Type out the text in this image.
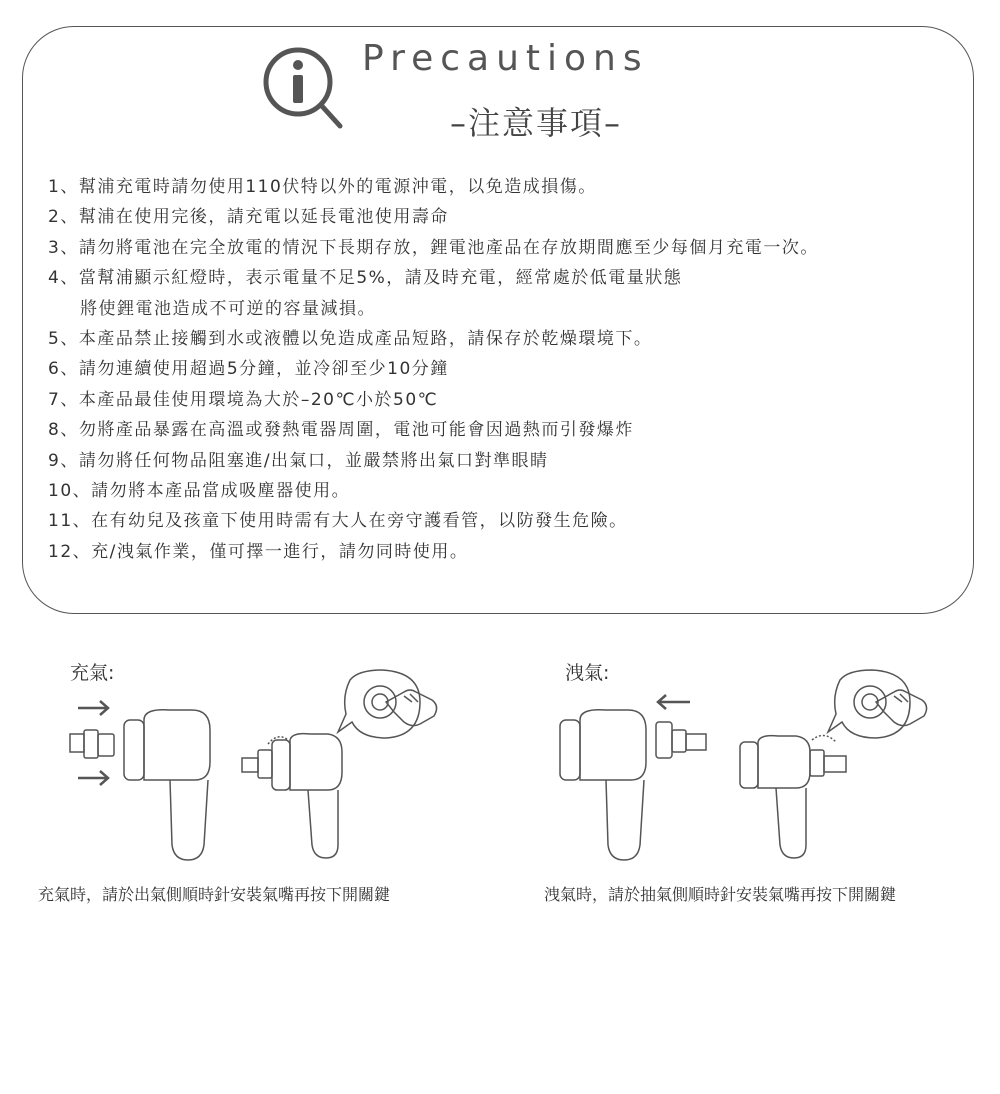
Precautions
–注意事項–
1、幫浦充電時請勿使用110伏特以外的電源沖電，以免造成損傷。
2、幫浦在使用完後，請充電以延長電池使用壽命
3、請勿將電池在完全放電的情況下長期存放，鋰電池產品在存放期間應至少每個月充電一次。
4、當幫浦顯示紅燈時，表示電量不足5%，請及時充電，經常處於低電量狀態
將使鋰電池造成不可逆的容量減損。
5、本產品禁止接觸到水或液體以免造成產品短路，請保存於乾燥環境下。
6、請勿連續使用超過5分鐘，並冷卻至少10分鐘
7、本產品最佳使用環境為大於–20℃小於50℃
8、勿將產品暴露在高溫或發熱電器周圍，電池可能會因過熱而引發爆炸
9、請勿將任何物品阻塞進/出氣口，並嚴禁將出氣口對準眼睛
10、請勿將本產品當成吸塵器使用。
11、在有幼兒及孩童下使用時需有大人在旁守護看管，以防發生危險。
12、充/洩氣作業，僅可擇一進行，請勿同時使用。
充氣:
充氣時，請於出氣側順時針安裝氣嘴再按下開關鍵
洩氣:
洩氣時，請於抽氣側順時針安裝氣嘴再按下開關鍵
